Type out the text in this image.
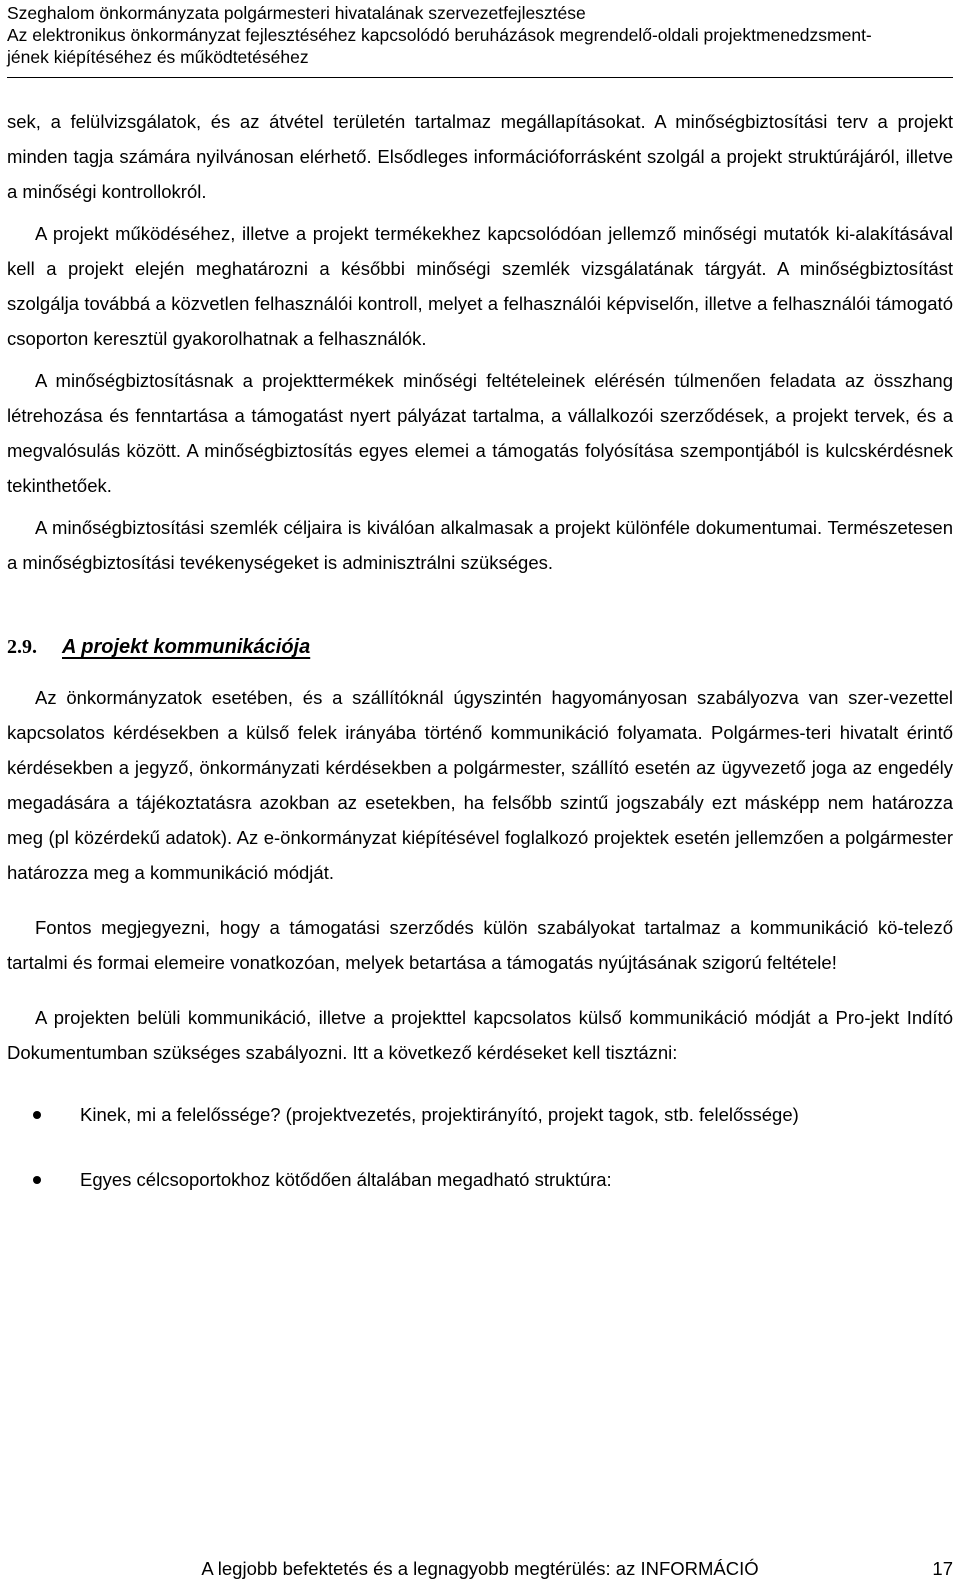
Szeghalom önkormányzata polgármesteri hivatalának szervezetfejlesztése
Az elektronikus önkormányzat fejlesztéséhez kapcsolódó beruházások megrendelő-oldali projektmenedzsment-
jének kiépítéséhez és működtetéséhez

sek, a felülvizsgálatok, és az átvétel területén tartalmaz megállapításokat. A minőségbiztosítási terv a projekt minden tagja számára nyilvánosan elérhető. Elsődleges információforrásként szolgál a projekt struktúrájáról, illetve a minőségi kontrollokról.

A projekt működéséhez, illetve a projekt termékekhez kapcsolódóan jellemző minőségi mutatók ki-alakításával kell a projekt elején meghatározni a későbbi minőségi szemlék vizsgálatának tárgyát. A minőségbiztosítást szolgálja továbbá a közvetlen felhasználói kontroll, melyet a felhasználói képviselőn, illetve a felhasználói támogató csoporton keresztül gyakorolhatnak a felhasználók.

A minőségbiztosításnak a projekttermékek minőségi feltételeinek elérésén túlmenően feladata az összhang létrehozása és fenntartása a támogatást nyert pályázat tartalma, a vállalkozói szerződések, a projekt tervek, és a megvalósulás között. A minőségbiztosítás egyes elemei a támogatás folyósítása szempontjából is kulcskérdésnek tekinthetőek.

A minőségbiztosítási szemlék céljaira is kiválóan alkalmasak a projekt különféle dokumentumai. Természetesen a minőségbiztosítási tevékenységeket is adminisztrálni szükséges.

2.9.	A projekt kommunikációja

Az önkormányzatok esetében, és a szállítóknál úgyszintén hagyományosan szabályozva van szer-vezettel kapcsolatos kérdésekben a külső felek irányába történő kommunikáció folyamata. Polgármes-teri hivatalt érintő kérdésekben a jegyző, önkormányzati kérdésekben a polgármester, szállító esetén az ügyvezető joga az engedély megadására a tájékoztatásra azokban az esetekben, ha felsőbb szintű jogszabály ezt másképp nem határozza meg (pl közérdekű adatok). Az e-önkormányzat kiépítésével foglalkozó projektek esetén jellemzően a polgármester határozza meg a kommunikáció módját.

Fontos megjegyezni, hogy a támogatási szerződés külön szabályokat tartalmaz a kommunikáció kö-telező tartalmi és formai elemeire vonatkozóan, melyek betartása a támogatás nyújtásának szigorú feltétele!

A projekten belüli kommunikáció, illetve a projekttel kapcsolatos külső kommunikáció módját a Pro-jekt Indító Dokumentumban szükséges szabályozni. Itt a következő kérdéseket kell tisztázni:

Kinek, mi a felelőssége? (projektvezetés, projektirányító, projekt tagok, stb. felelőssége)
Egyes célcsoportokhoz kötődően általában megadható struktúra:
A legjobb befektetés és a legnagyobb megtérülés: az INFORMÁCIÓ	17
